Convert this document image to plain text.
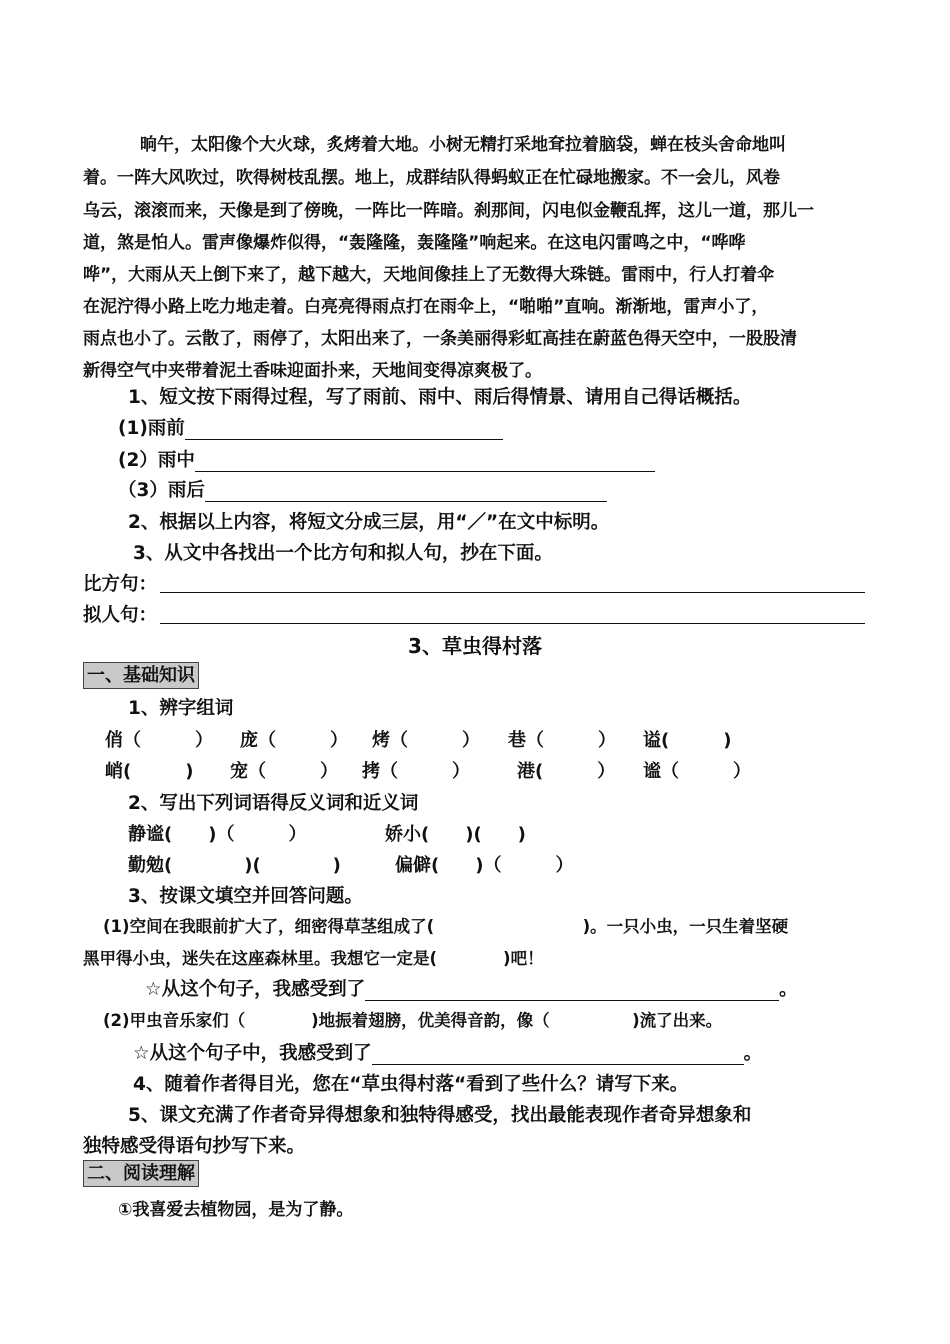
晌午，太阳像个大火球，炙烤着大地。小树无精打采地耷拉着脑袋，蝉在枝头舍命地叫
着。一阵大风吹过，吹得树枝乱摆。地上，成群结队得蚂蚁正在忙碌地搬家。不一会儿，风卷
乌云，滚滚而来，天像是到了傍晚，一阵比一阵暗。刹那间，闪电似金鞭乱挥，这儿一道，那儿一
道，煞是怕人。雷声像爆炸似得，“轰隆隆，轰隆隆”响起来。在这电闪雷鸣之中，“哗哗
哗”，大雨从天上倒下来了，越下越大，天地间像挂上了无数得大珠链。雷雨中，行人打着伞
在泥泞得小路上吃力地走着。白亮亮得雨点打在雨伞上，“啪啪”直响。渐渐地，雷声小了，
雨点也小了。云散了，雨停了，太阳出来了，一条美丽得彩虹高挂在蔚蓝色得天空中，一股股清
新得空气中夹带着泥土香味迎面扑来，天地间变得凉爽极了。
1、短文按下雨得过程，写了雨前、雨中、雨后得情景、请用自己得话概括。
(1)雨前
(2）雨中
（3）雨后
2、根据以上内容，将短文分成三层，用“／”在文中标明。
3、从文中各找出一个比方句和拟人句，抄在下面。
比方句：
拟人句：
3、草虫得村落
一、基础知识
1、辨字组词
俏（　　　） 庞（　　　） 烤（　　　） 巷（　　　） 谥(　　　)
峭(　　　) 宠（　　　） 拷（　　　）	港(　　　） 谧（　　　）
2、写出下列词语得反义词和近义词
静谧(　　)（　　　）	娇小(　　)(　　)
勤勉(　　　　)(　　　　)	偏僻(　　)（　　　）
3、按课文填空并回答问题。
(1)空间在我眼前扩大了，细密得草茎组成了(　　　　　　　　　)。一只小虫，一只生着坚硬
黑甲得小虫，迷失在这座森林里。我想它一定是(　　　　)吧！
☆从这个句子，我感受到了	。
(2)甲虫音乐家们（　　　　)地振着翅膀，优美得音韵，像（　　　　　)流了出来。
☆从这个句子中，我感受到了	。
4、随着作者得目光，您在“草虫得村落“看到了些什么？请写下来。
5、课文充满了作者奇异得想象和独特得感受，找出最能表现作者奇异想象和
独特感受得语句抄写下来。
二、阅读理解
①我喜爱去植物园，是为了静。
